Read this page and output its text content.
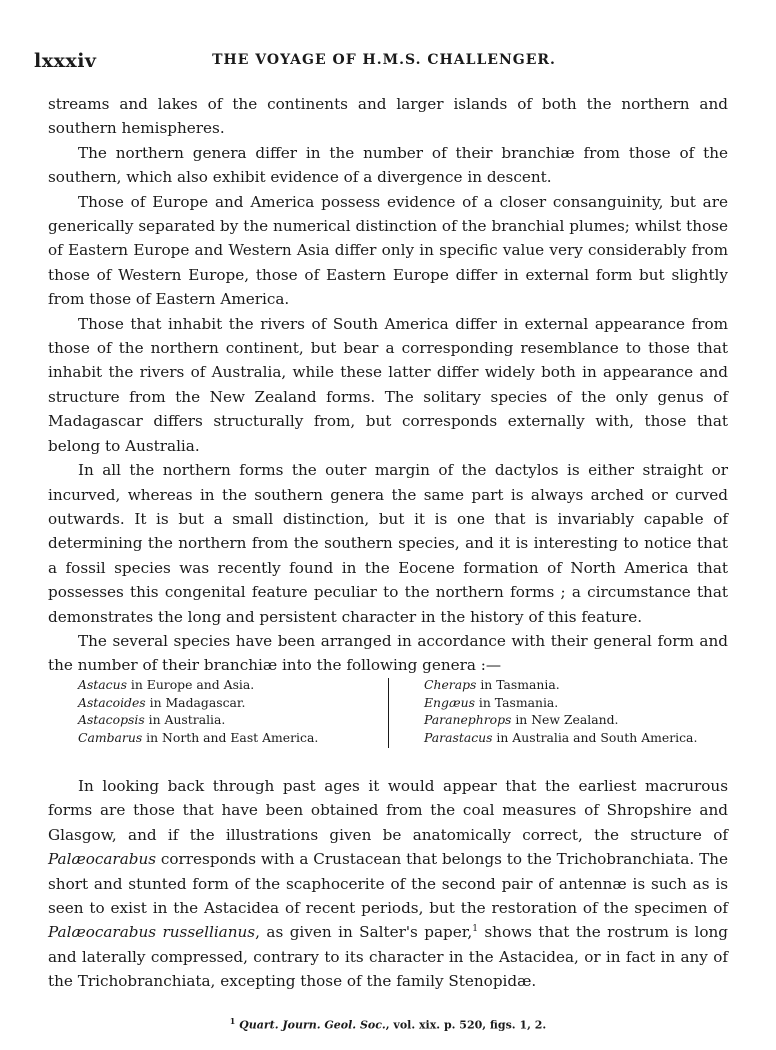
lxxxiv	THE VOYAGE OF H.M.S. CHALLENGER.

streams and lakes of the continents and larger islands of both the northern and southern hemispheres.

The northern genera differ in the number of their branchiæ from those of the southern, which also exhibit evidence of a divergence in descent.

Those of Europe and America possess evidence of a closer consanguinity, but are generically separated by the numerical distinction of the branchial plumes; whilst those of Eastern Europe and Western Asia differ only in specific value very considerably from those of Western Europe, those of Eastern Europe differ in external form but slightly from those of Eastern America.

Those that inhabit the rivers of South America differ in external appearance from those of the northern continent, but bear a corresponding resemblance to those that inhabit the rivers of Australia, while these latter differ widely both in appearance and structure from the New Zealand forms. The solitary species of the only genus of Madagascar differs structurally from, but corresponds externally with, those that belong to Australia.

In all the northern forms the outer margin of the dactylos is either straight or incurved, whereas in the southern genera the same part is always arched or curved outwards. It is but a small distinction, but it is one that is invariably capable of determining the northern from the southern species, and it is interesting to notice that a fossil species was recently found in the Eocene formation of North America that possesses this congenital feature peculiar to the northern forms ; a circumstance that demonstrates the long and persistent character in the history of this feature.

The several species have been arranged in accordance with their general form and the number of their branchiæ into the following genera :—

Astacus in Europe and Asia.
Astacoides in Madagascar.
Astacopsis in Australia.
Cambarus in North and East America.
Cheraps in Tasmania.
Engæus in Tasmania.
Paranephrops in New Zealand.
Parastacus in Australia and South America.

In looking back through past ages it would appear that the earliest macrurous forms are those that have been obtained from the coal measures of Shropshire and Glasgow, and if the illustrations given be anatomically correct, the structure of Palæocarabus corresponds with a Crustacean that belongs to the Trichobranchiata. The short and stunted form of the scaphocerite of the second pair of antennæ is such as is seen to exist in the Astacidea of recent periods, but the restoration of the specimen of Palæocarabus russellianus, as given in Salter's paper,$^1$ shows that the rostrum is long and laterally compressed, contrary to its character in the Astacidea, or in fact in any of the Trichobranchiata, excepting those of the family Stenopidæ.

$^1$ Quart. Journ. Geol. Soc., vol. xix. p. 520, figs. 1, 2.
